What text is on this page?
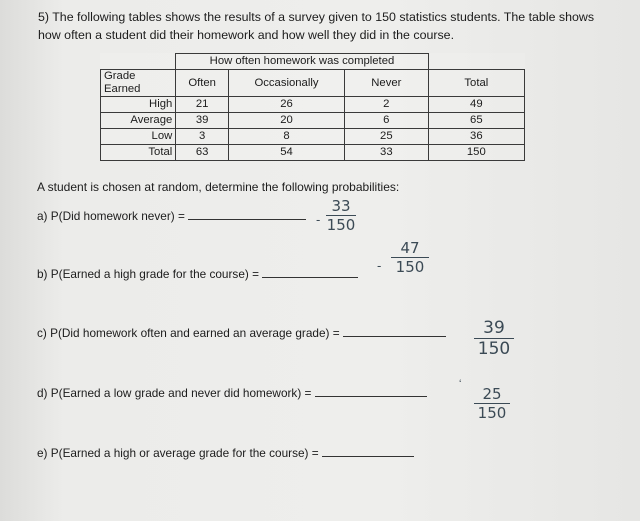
5) The following tables shows the results of a survey given to 150 statistics students. The table shows
how often a student did their homework and how well they did in the course.
	How often homework was completed			
Grade Earned	Often	Occasionally	Never	Total
High	21	26	2	49
Average	39	20	6	65
Low	3	8	25	36
Total	63	54	33	150
A student is chosen at random, determine the following probabilities:
a) P(Did homework never) =	-
33
150
b) P(Earned a high grade for the course) =
-
47
150
c) P(Did homework often and earned an average grade) =	39
150
d) P(Earned a low grade and never did homework) =
‘
25
150
e) P(Earned a high or average grade for the course) =
